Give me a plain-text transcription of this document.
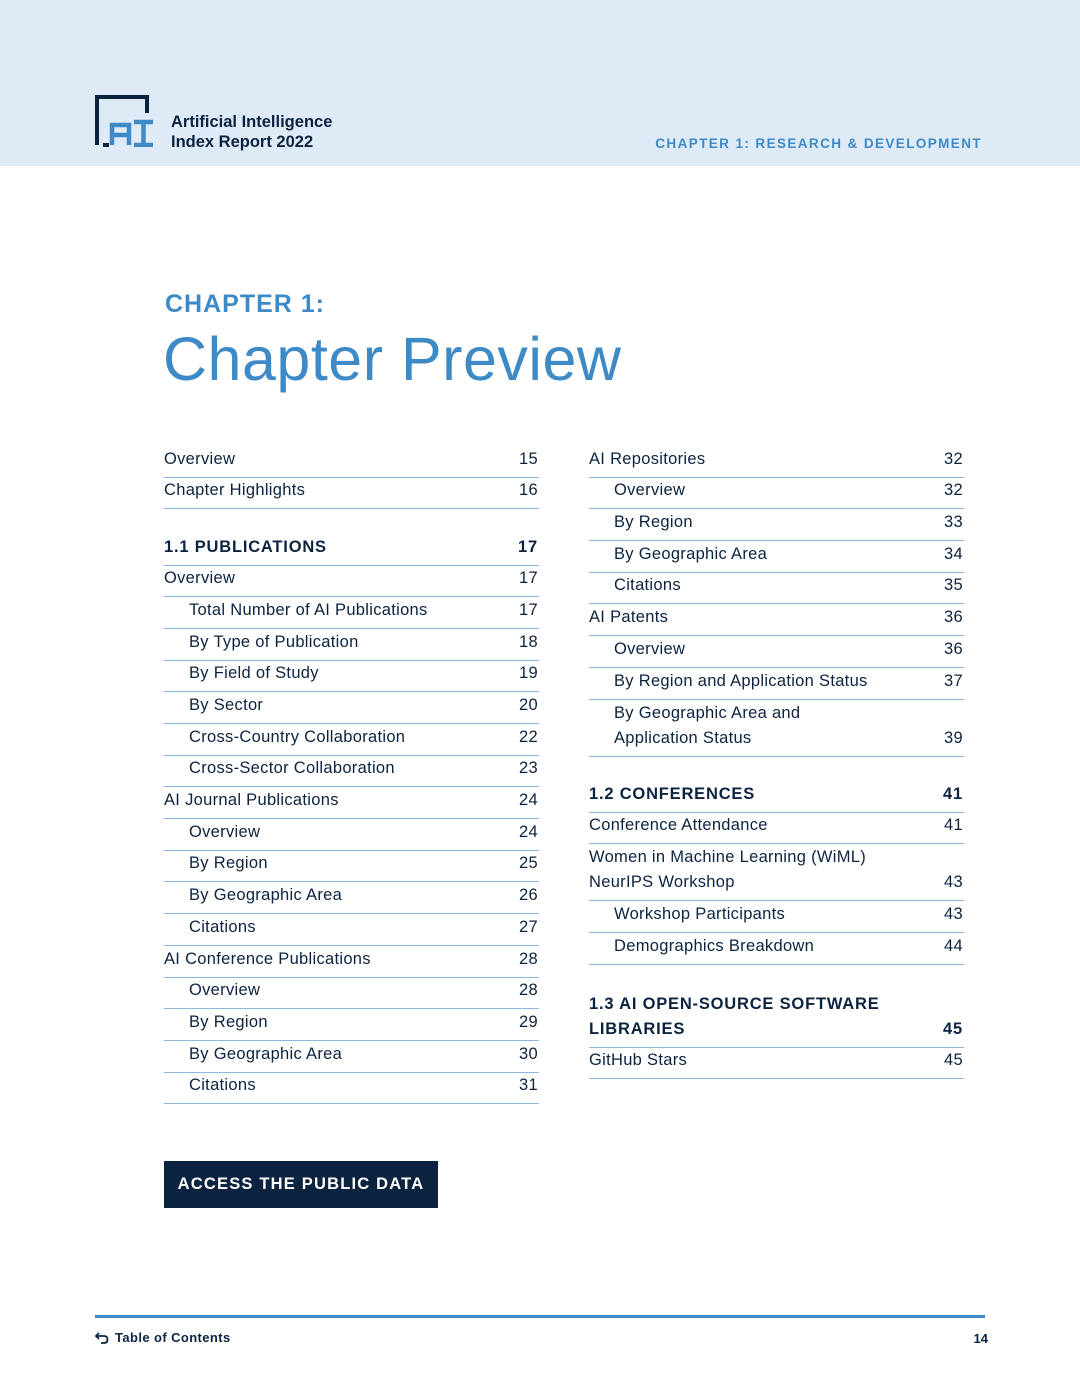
Artificial Intelligence
Index Report 2022	CHAPTER 1: RESEARCH & DEVELOPMENT
CHAPTER 1:
Chapter Preview
Overview	15
Chapter Highlights	16
1.1 PUBLICATIONS	17
Overview	17
Total Number of AI Publications	17
By Type of Publication	18
By Field of Study	19
By Sector	20
Cross-Country Collaboration	22
Cross-Sector Collaboration	23
AI Journal Publications	24
Overview	24
By Region	25
By Geographic Area	26
Citations	27
AI Conference Publications	28
Overview	28
By Region	29
By Geographic Area	30
Citations	31
AI Repositories	32
Overview	32
By Region	33
By Geographic Area	34
Citations	35
AI Patents	36
Overview	36
By Region and Application Status	37
By Geographic Area and
Application Status	39
1.2 CONFERENCES	41
Conference Attendance	41
Women in Machine Learning (WiML)
NeurIPS Workshop	43
Workshop Participants	43
Demographics Breakdown	44
1.3 AI OPEN-SOURCE SOFTWARE
LIBRARIES	45
GitHub Stars	45
ACCESS THE PUBLIC DATA
Table of Contents	14
